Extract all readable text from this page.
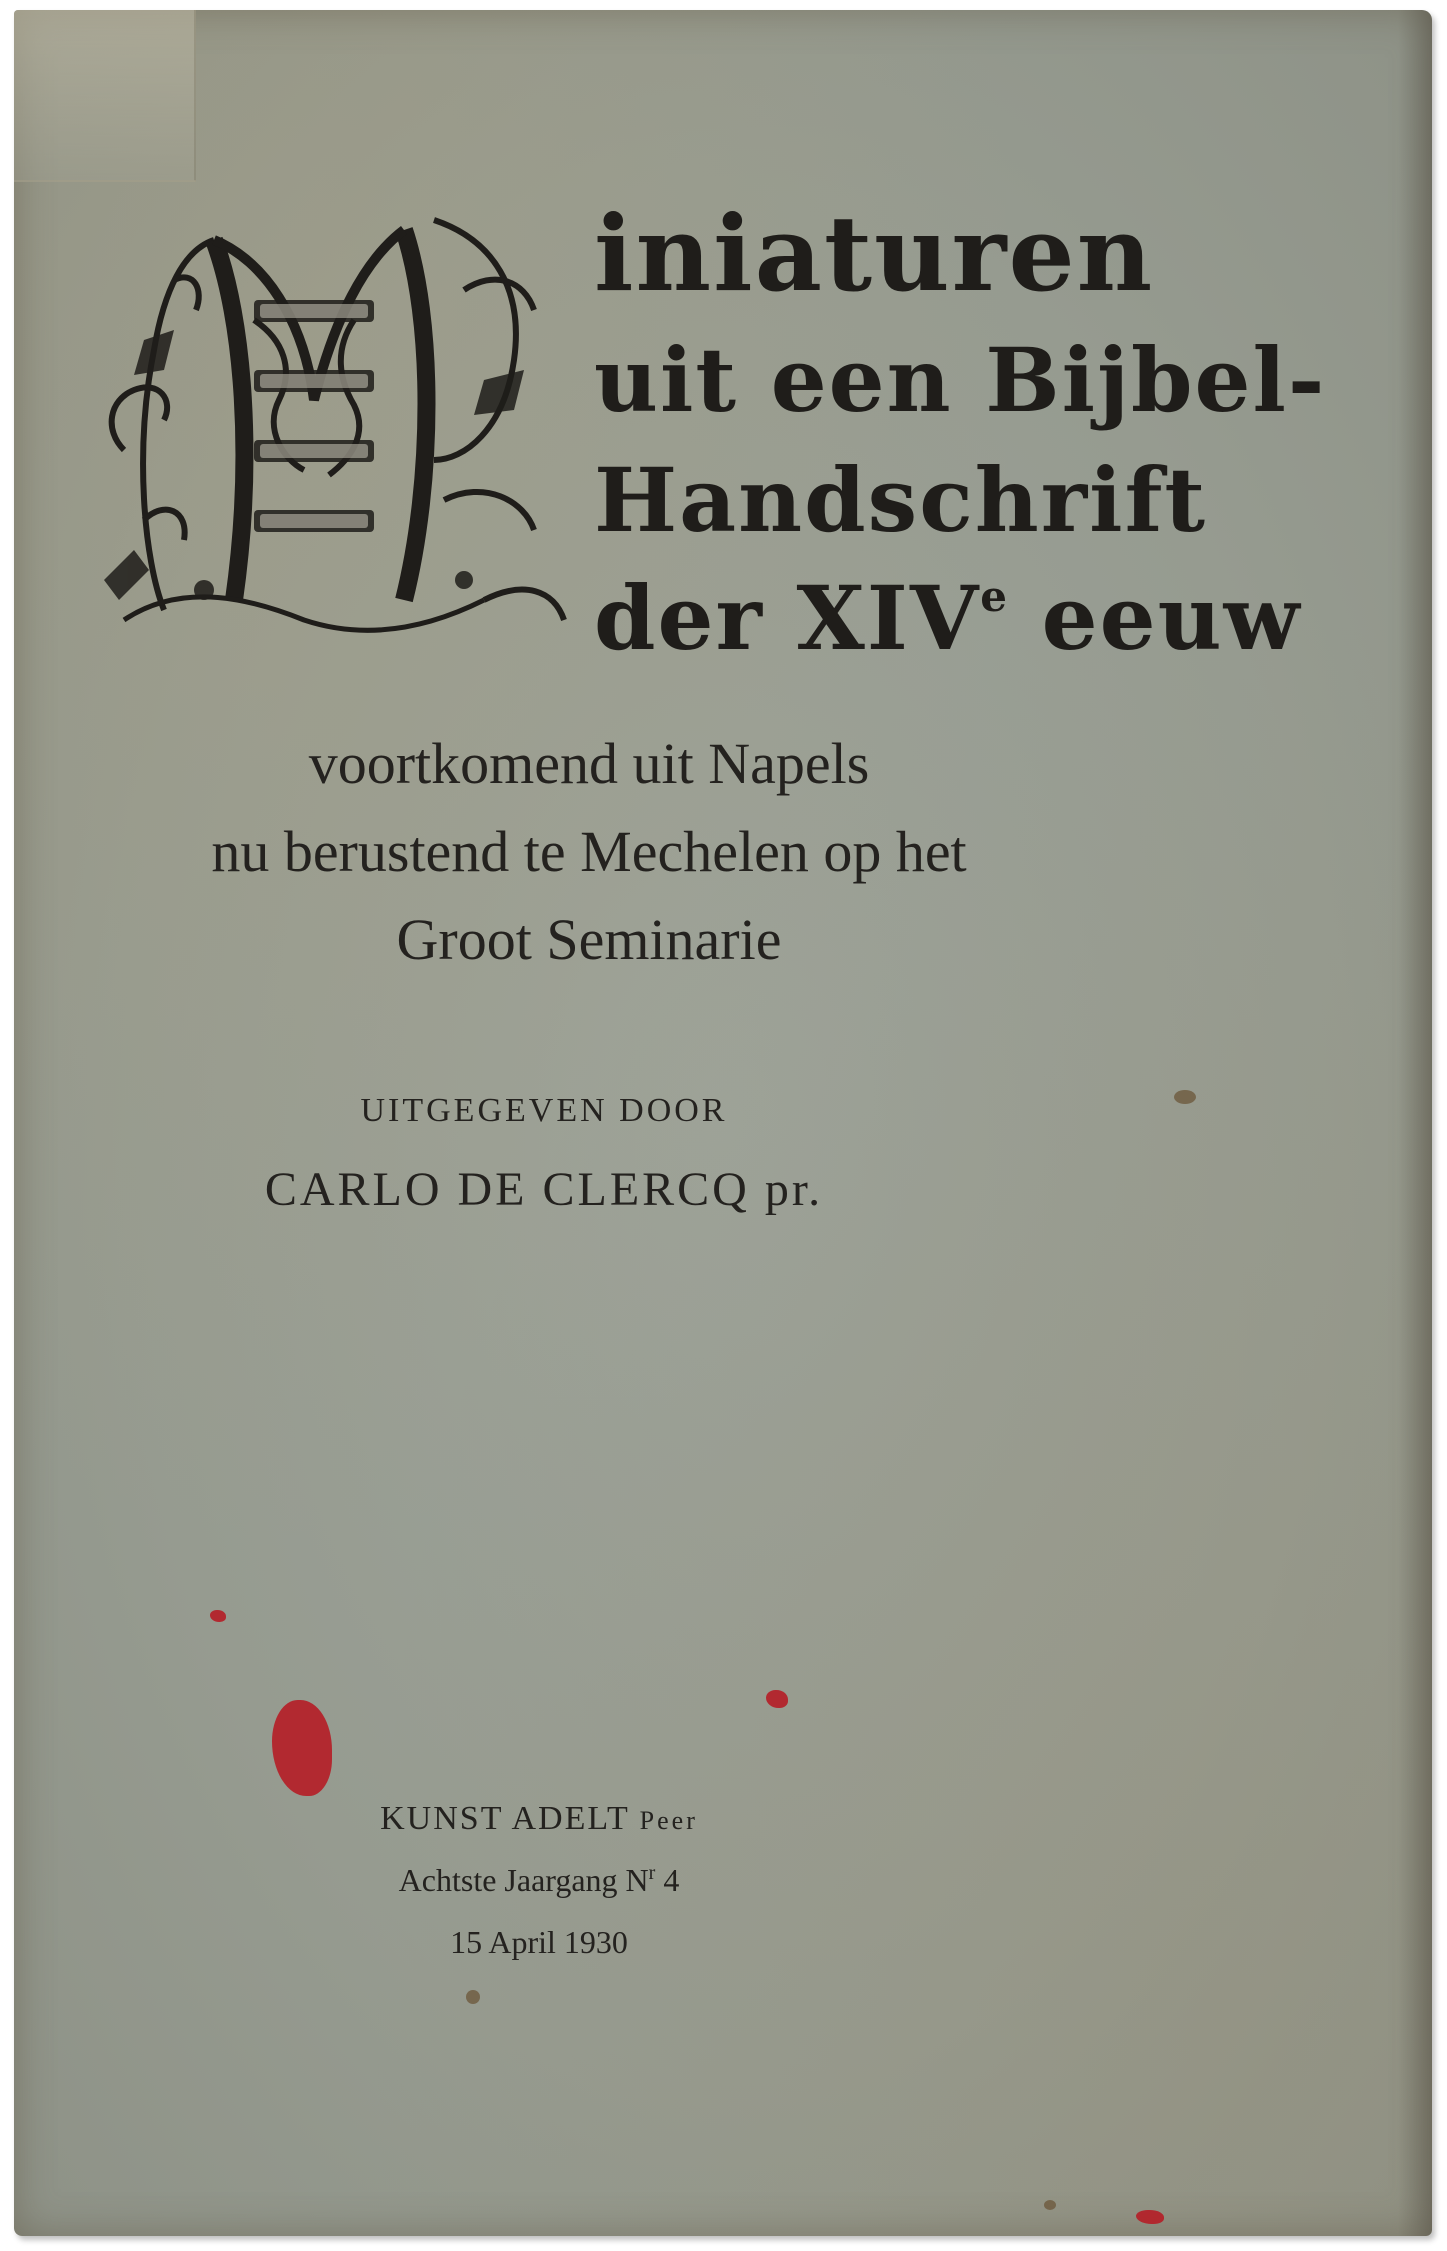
iniaturen
uit een Bijbel-
Handschrift
der XIVe eeuw
voortkomend uit Napels
nu berustend te Mechelen op het
Groot Seminarie
UITGEGEVEN DOOR
CARLO DE CLERCQ pr.
KUNST ADELT Peer
Achtste Jaargang $N^r$ 4
15 April 1930
